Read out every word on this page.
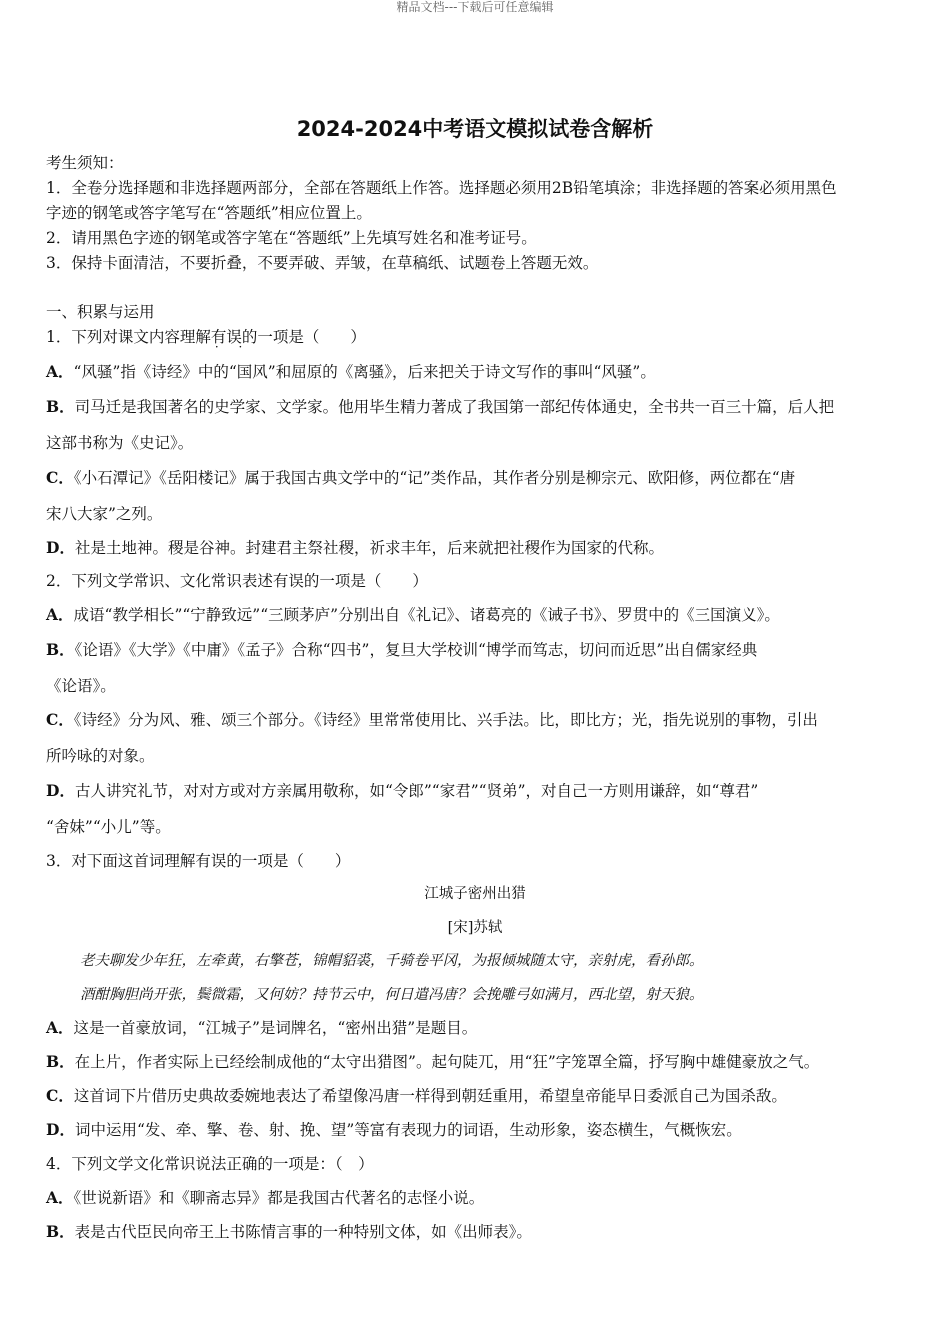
精品文档---下载后可任意编辑
2024-2024中考语文模拟试卷含解析
考生须知：
1．全卷分选择题和非选择题两部分，全部在答题纸上作答。选择题必须用2B铅笔填涂；非选择题的答案必须用黑色
字迹的钢笔或答字笔写在“答题纸”相应位置上。
2．请用黑色字迹的钢笔或答字笔在“答题纸”上先填写姓名和准考证号。
3．保持卡面清洁，不要折叠，不要弄破、弄皱，在草稿纸、试题卷上答题无效。
一、积累与运用
1．下列对课文内容理解有误 · ·的一项是（　　）
A．“风骚”指《诗经》中的“国风”和屈原的《离骚》，后来把关于诗文写作的事叫“风骚”。
B．司马迁是我国著名的史学家、文学家。他用毕生精力著成了我国第一部纪传体通史，全书共一百三十篇，后人把
这部书称为《史记》。
C．《小石潭记》《岳阳楼记》属于我国古典文学中的“记”类作品，其作者分别是柳宗元、欧阳修，两位都在“唐
宋八大家”之列。
D．社是土地神。稷是谷神。封建君主祭社稷，祈求丰年，后来就把社稷作为国家的代称。
2．下列文学常识、文化常识表述有误的一项是（　　）
A．成语“教学相长”“宁静致远”“三顾茅庐”分别出自《礼记》、诸葛亮的《诫子书》、罗贯中的《三国演义》。
B．《论语》《大学》《中庸》《孟子》合称“四书”，复旦大学校训“博学而笃志，切问而近思”出自儒家经典
《论语》。
C．《诗经》分为风、雅、颂三个部分。《诗经》里常常使用比、兴手法。比，即比方；光，指先说别的事物，引出
所吟咏的对象。
D．古人讲究礼节，对对方或对方亲属用敬称，如“令郎”“家君”“贤弟”，对自己一方则用谦辞，如“尊君”
“舍妹”“小儿”等。
3．对下面这首词理解有误的一项是（　　）
江城子密州出猎
[宋]苏轼
老夫聊发少年狂，左牵黄，右擎苍，锦帽貂裘，千骑卷平冈，为报倾城随太守，亲射虎，看孙郎。
酒酣胸胆尚开张，鬓微霜，又何妨？持节云中，何日遣冯唐？会挽雕弓如满月，西北望，射天狼。
A．这是一首豪放词，“江城子”是词牌名，“密州出猎”是题目。
B．在上片，作者实际上已经绘制成他的“太守出猎图”。起句陡兀，用“狂”字笼罩全篇，抒写胸中雄健豪放之气。
C．这首词下片借历史典故委婉地表达了希望像冯唐一样得到朝廷重用，希望皇帝能早日委派自己为国杀敌。
D．词中运用“发、牵、擎、卷、射、挽、望”等富有表现力的词语，生动形象，姿态横生，气概恢宏。
4．下列文学文化常识说法正确的一项是：（　）
A．《世说新语》和《聊斋志异》都是我国古代著名的志怪小说。
B．表是古代臣民向帝王上书陈情言事的一种特别文体，如《出师表》。
